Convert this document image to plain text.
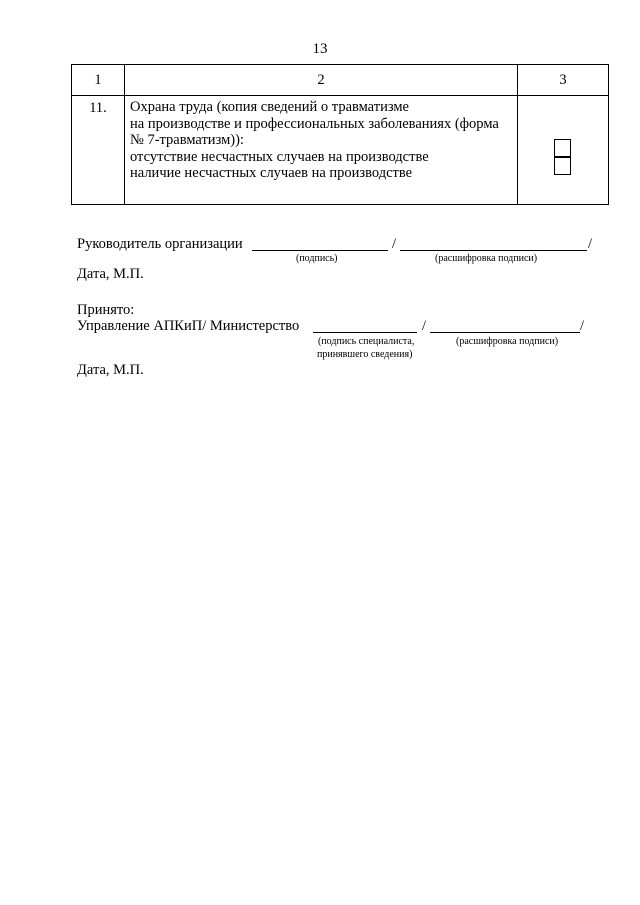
13
1	2	3
11.	Охрана труда (копия сведений о травматизме
на производстве и профессиональных заболеваниях (форма
№ 7-травматизм)):
отсутствие несчастных случаев на производстве
наличие несчастных случаев на производстве	

Руководитель организации	/	/
(подпись)	(расшифровка подписи)
Дата, М.П.
Принято:
Управление АПКиП/ Министерство	/	/
(подпись специалиста,
принявшего сведения)
(расшифровка подписи)
Дата, М.П.
